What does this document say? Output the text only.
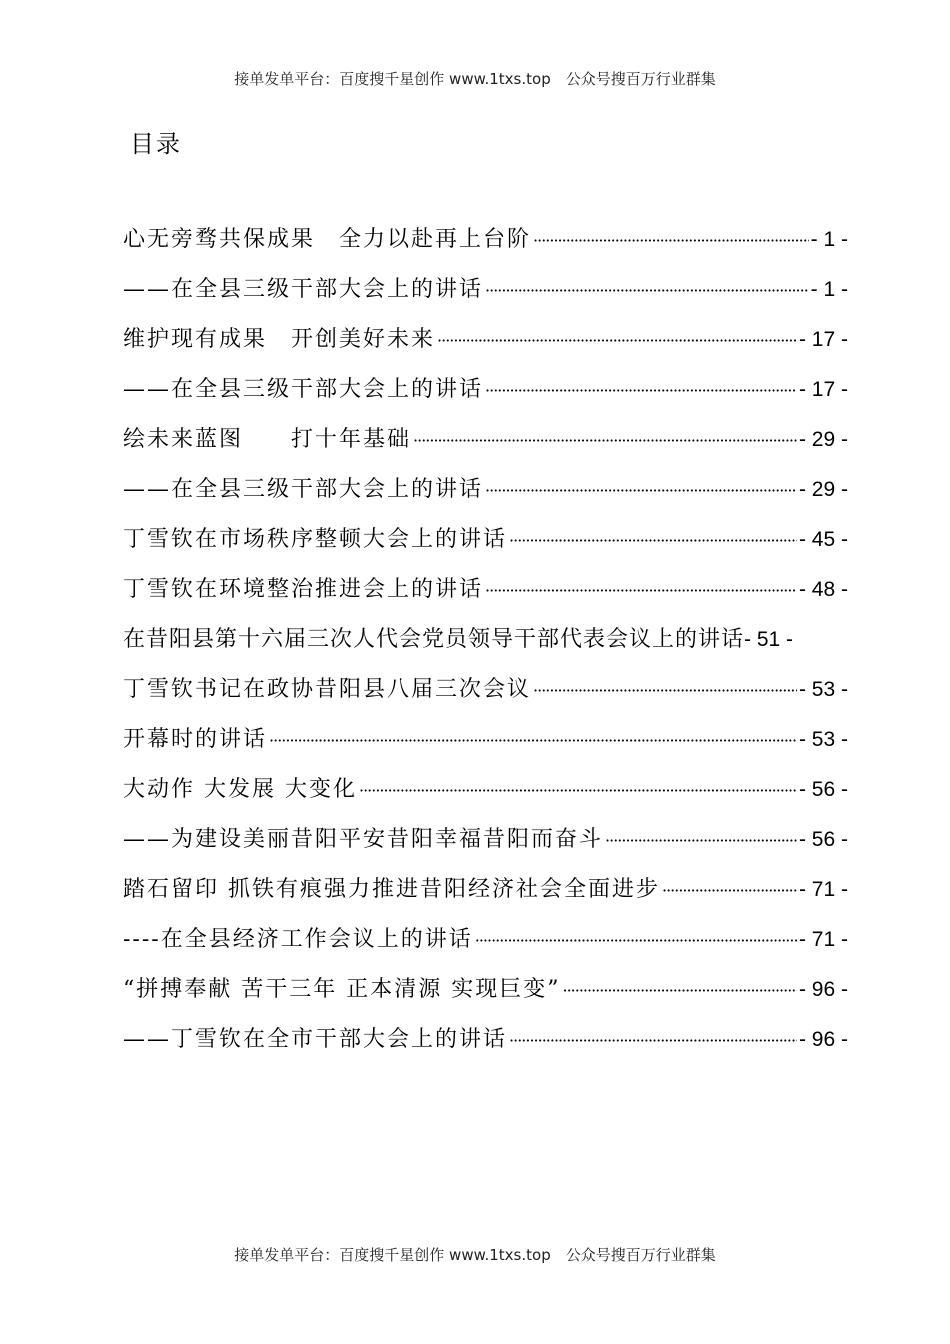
接单发单平台：百度搜千星创作 www.1txs.top　公众号搜百万行业群集
目录
心无旁骛共保成果　全力以赴再上台阶 ·····	- 1 -
——在全县三级干部大会上的讲话 ·····	- 1 -
维护现有成果　开创美好未来 ·····	- 17 -
——在全县三级干部大会上的讲话 ·····	- 17 -
绘未来蓝图　　打十年基础 ·····	- 29 -
——在全县三级干部大会上的讲话 ·····	- 29 -
丁雪钦在市场秩序整顿大会上的讲话 ·····	- 45 -
丁雪钦在环境整治推进会上的讲话 ·····	- 48 -
在昔阳县第十六届三次人代会党员领导干部代表会议上的讲话 - 51 -
丁雪钦书记在政协昔阳县八届三次会议 ·····	- 53 -
开幕时的讲话 ·····	- 53 -
大动作 大发展 大变化 ·····	- 56 -
——为建设美丽昔阳平安昔阳幸福昔阳而奋斗 ·····	- 56 -
踏石留印 抓铁有痕强力推进昔阳经济社会全面进步 ·····	- 71 -
----在全县经济工作会议上的讲话 ·····	- 71 -
“拼搏奉献 苦干三年 正本清源 实现巨变” ·····	- 96 -
——丁雪钦在全市干部大会上的讲话 ·····	- 96 -
接单发单平台：百度搜千星创作 www.1txs.top　公众号搜百万行业群集
